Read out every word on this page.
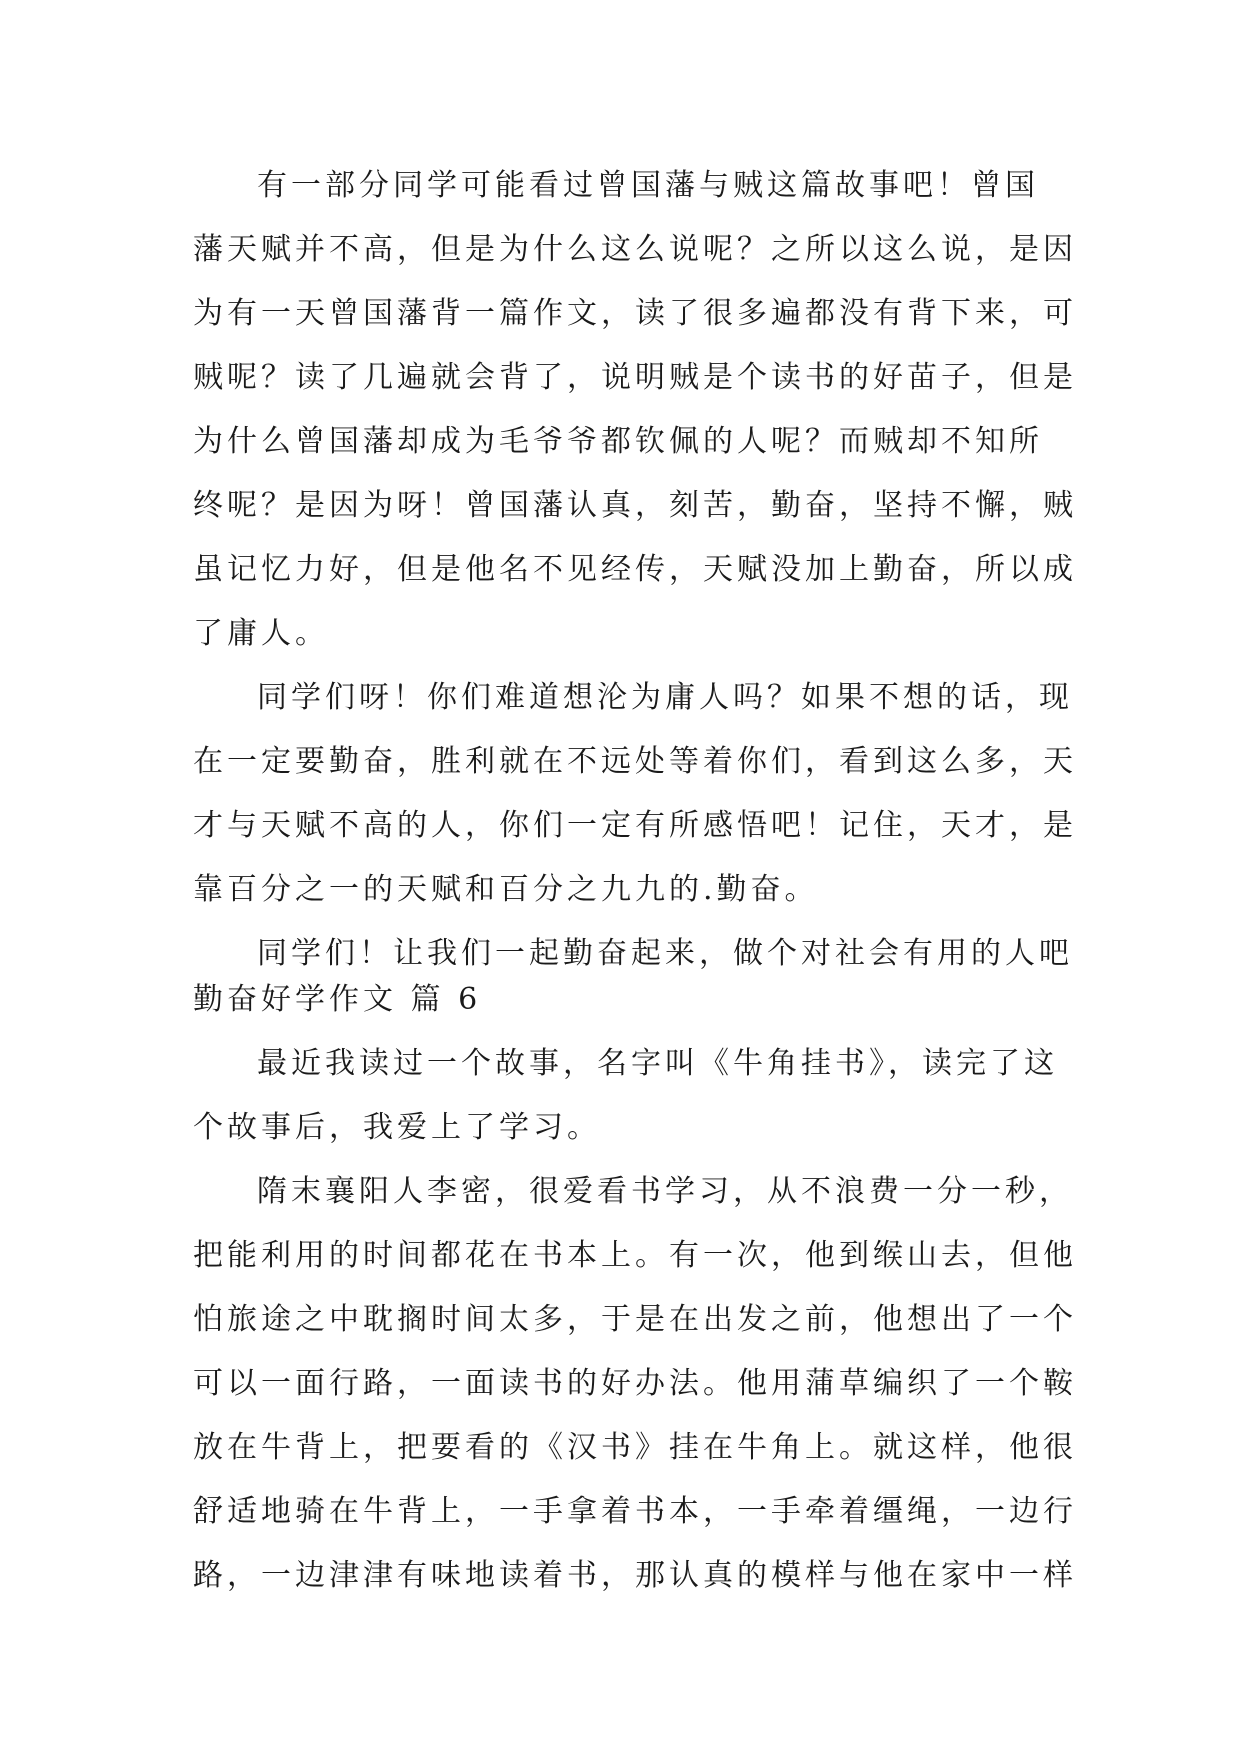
有一部分同学可能看过曾国藩与贼这篇故事吧！曾国
藩天赋并不高，但是为什么这么说呢？之所以这么说，是因
为有一天曾国藩背一篇作文，读了很多遍都没有背下来，可
贼呢？读了几遍就会背了，说明贼是个读书的好苗子，但是
为什么曾国藩却成为毛爷爷都钦佩的人呢？而贼却不知所
终呢？是因为呀！曾国藩认真，刻苦，勤奋，坚持不懈，贼
虽记忆力好，但是他名不见经传，天赋没加上勤奋，所以成
了庸人。
同学们呀！你们难道想沦为庸人吗？如果不想的话，现
在一定要勤奋，胜利就在不远处等着你们，看到这么多，天
才与天赋不高的人，你们一定有所感悟吧！记住，天才，是
靠百分之一的天赋和百分之九九的.勤奋。
同学们！让我们一起勤奋起来，做个对社会有用的人吧
勤奋好学作文 篇 6
最近我读过一个故事，名字叫《牛角挂书》，读完了这
个故事后，我爱上了学习。
隋末襄阳人李密，很爱看书学习，从不浪费一分一秒，
把能利用的时间都花在书本上。有一次，他到缑山去，但他
怕旅途之中耽搁时间太多，于是在出发之前，他想出了一个
可以一面行路，一面读书的好办法。他用蒲草编织了一个鞍
放在牛背上，把要看的《汉书》挂在牛角上。就这样，他很
舒适地骑在牛背上，一手拿着书本，一手牵着缰绳，一边行
路，一边津津有味地读着书，那认真的模样与他在家中一样
